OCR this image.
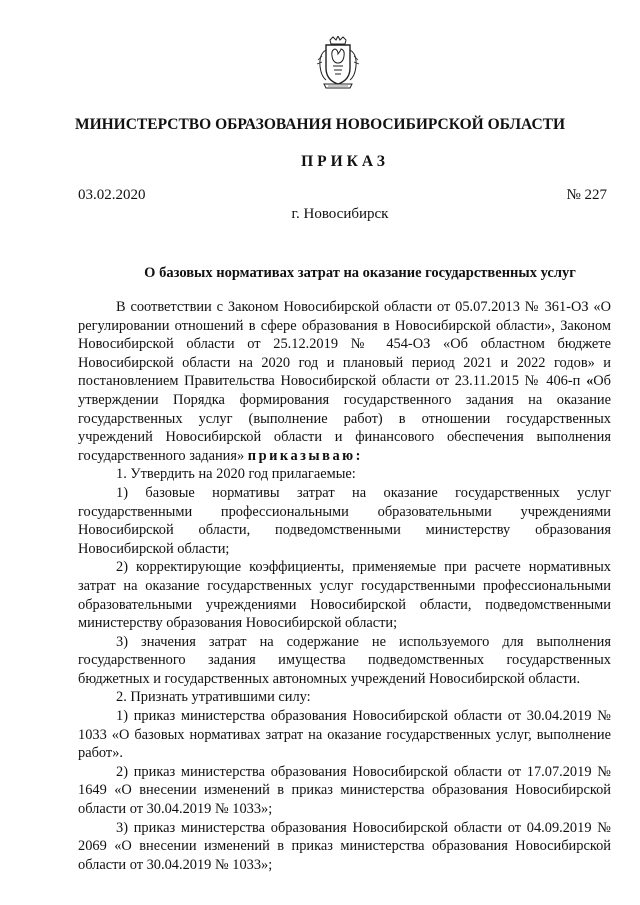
МИНИСТЕРСТВО ОБРАЗОВАНИЯ НОВОСИБИРСКОЙ ОБЛАСТИ
ПРИКАЗ
03.02.2020	№ 227
г. Новосибирск
О базовых нормативах затрат на оказание государственных услуг

В соответствии с Законом Новосибирской области от 05.07.2013 № 361-ОЗ «О регулировании отношений в сфере образования в Новосибирской области», Законом Новосибирской области от 25.12.2019 № 454-ОЗ «Об областном бюджете Новосибирской области на 2020 год и плановый период 2021 и 2022 годов» и постановлением Правительства Новосибирской области от 23.11.2015 № 406-п «Об утверждении Порядка формирования государственного задания на оказание государственных услуг (выполнение работ) в отношении государственных учреждений Новосибирской области и финансового обеспечения выполнения государственного задания» приказываю:

1. Утвердить на 2020 год прилагаемые:

1) базовые нормативы затрат на оказание государственных услуг государственными профессиональными образовательными учреждениями Новосибирской области, подведомственными министерству образования Новосибирской области;

2) корректирующие коэффициенты, применяемые при расчете нормативных затрат на оказание государственных услуг государственными профессиональными образовательными учреждениями Новосибирской области, подведомственными министерству образования Новосибирской области;

3) значения затрат на содержание не используемого для выполнения государственного задания имущества подведомственных государственных бюджетных и государственных автономных учреждений Новосибирской области.

2. Признать утратившими силу:

1) приказ министерства образования Новосибирской области от 30.04.2019 № 1033 «О базовых нормативах затрат на оказание государственных услуг, выполнение работ».

2) приказ министерства образования Новосибирской области от 17.07.2019 № 1649 «О внесении изменений в приказ министерства образования Новосибирской области от 30.04.2019 № 1033»;

3) приказ министерства образования Новосибирской области от 04.09.2019 № 2069 «О внесении изменений в приказ министерства образования Новосибирской области от 30.04.2019 № 1033»;
